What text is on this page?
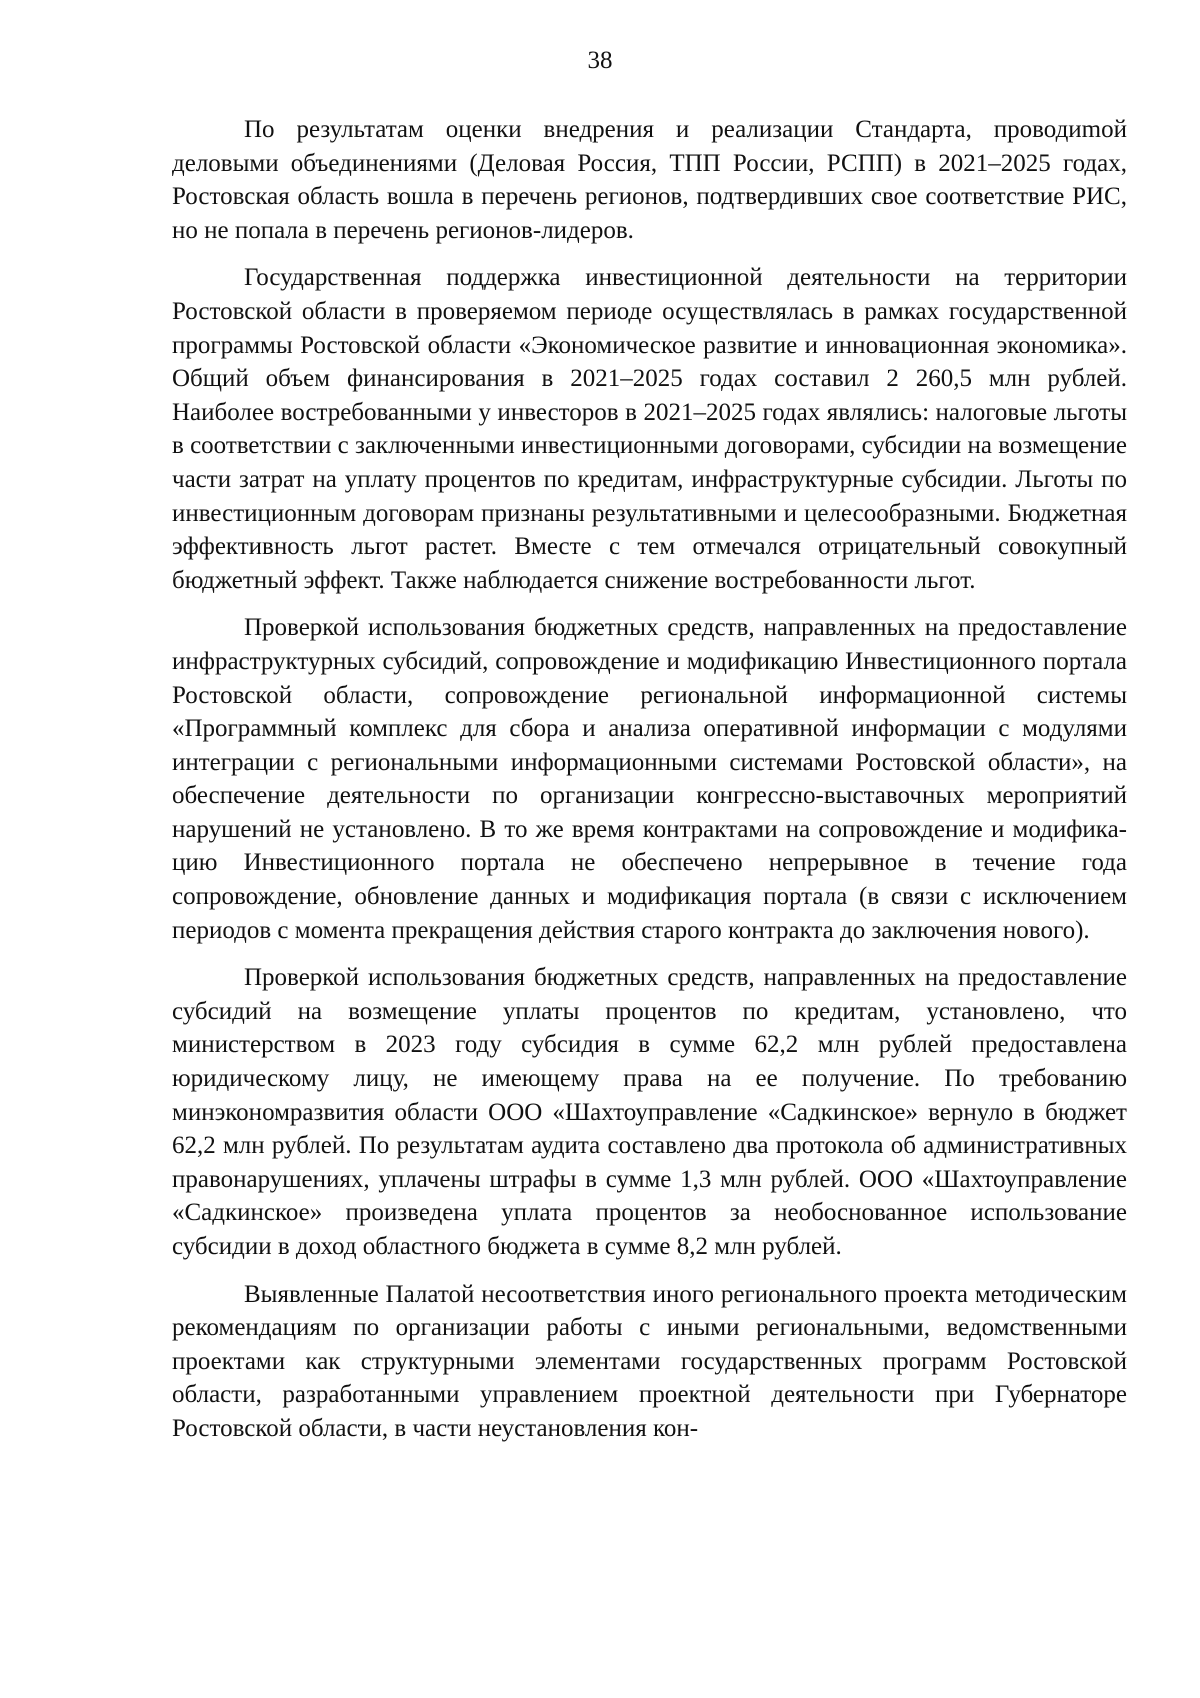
38

По результатам оценки внедрения и реализации Стандарта, проводиmой деловыми объединениями (Деловая Россия, ТПП России, РСПП) в 2021–2025 годах, Ростовская область вошла в перечень регионов, подтвердивших свое соответствие РИС, но не попала в перечень регионов-лидеров.

Государственная поддержка инвестиционной деятельности на территории Ростовской области в проверяемом периоде осуществлялась в рамках государственной программы Ростовской области «Экономическое развитие и инновационная экономика». Общий объем финансирования в 2021–2025 годах составил 2 260,5 млн рублей. Наиболее востребованными у инвесторов в 2021–2025 годах являлись: налоговые льготы в соответствии с заключенными инвестиционными договорами, субсидии на возмещение части затрат на уплату процентов по кредитам, инфраструктурные субсидии. Льготы по инвестиционным договорам признаны результативными и целесообразными. Бюджетная эффективность льгот растет. Вместе с тем отмечался отрицательный совокупный бюджетный эффект. Также наблюдается снижение востребованности льгот.

Проверкой использования бюджетных средств, направленных на предоставление инфраструктурных субсидий, сопровождение и модификацию Инвестиционного портала Ростовской области, сопровождение региональной информационной системы «Программный комплекс для сбора и анализа оперативной информации с модулями интеграции с региональными информационными системами Ростовской области», на обеспечение деятельности по организации конгрессно-выставочных мероприятий нарушений не установлено. В то же время контрактами на сопровождение и модификацию Инвестиционного портала не обеспечено непрерывное в течение года сопровождение, обновление данных и модификация портала (в связи с исключением периодов с момента прекращения действия старого контракта до заключения нового).

Проверкой использования бюджетных средств, направленных на предоставление субсидий на возмещение уплаты процентов по кредитам, установлено, что министерством в 2023 году субсидия в сумме 62,2 млн рублей предоставлена юридическому лицу, не имеющему права на ее получение. По требованию минэкономразвития области ООО «Шахтоуправление «Садкинское» вернуло в бюджет 62,2 млн рублей. По результатам аудита составлено два протокола об административных правонарушениях, уплачены штрафы в сумме 1,3 млн рублей. ООО «Шахтоуправление «Садкинское» произведена уплата процентов за необоснованное использование субсидии в доход областного бюджета в сумме 8,2 млн рублей.

Выявленные Палатой несоответствия иного регионального проекта методическим рекомендациям по организации работы с иными региональными, ведомственными проектами как структурными элементами государственных программ Ростовской области, разработанными управлением проектной деятельности при Губернаторе Ростовской области, в части неустановления кон-
